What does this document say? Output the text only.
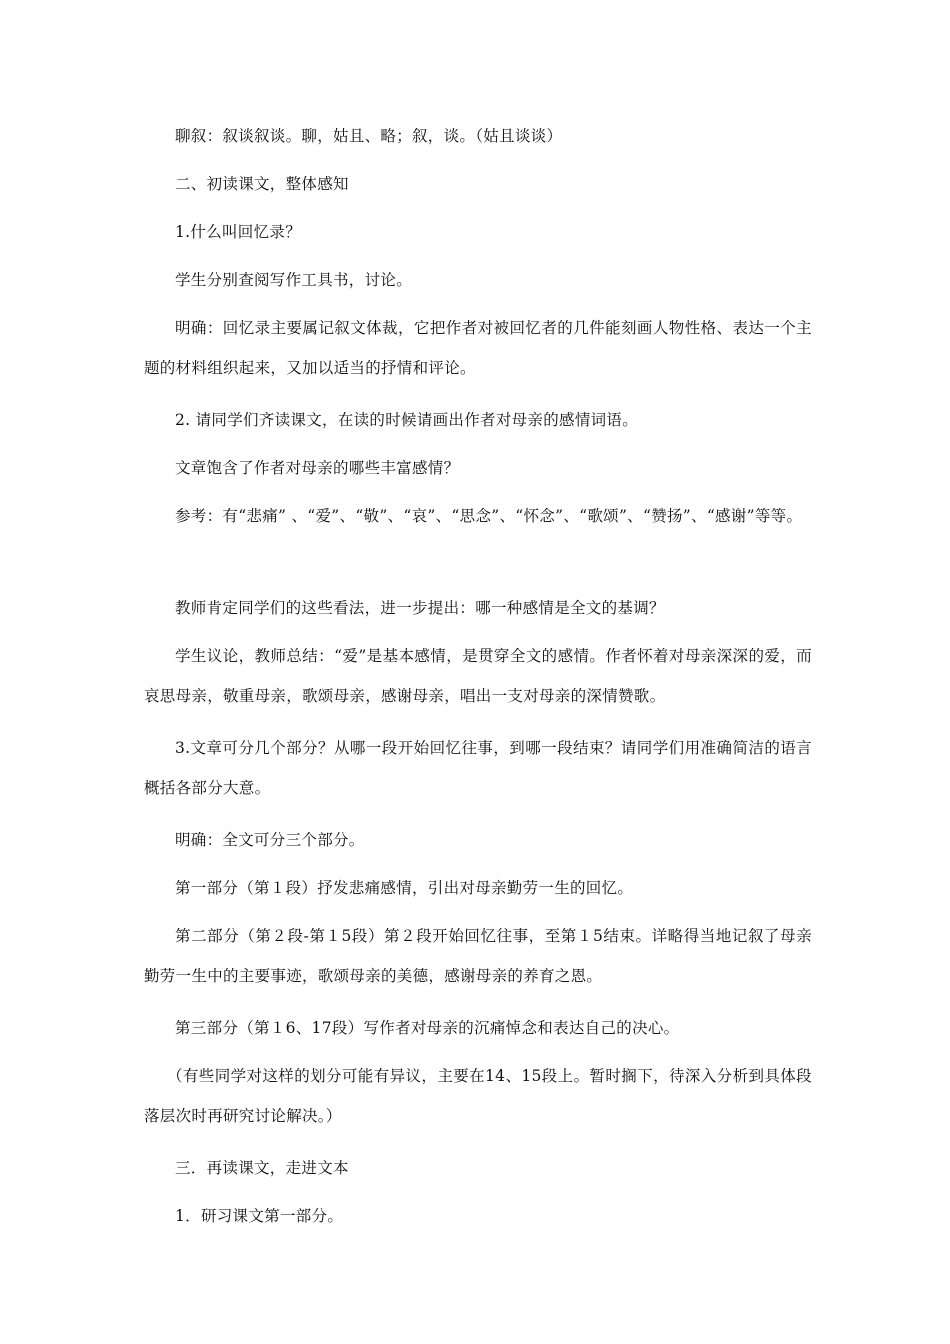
聊叙：叙谈叙谈。聊，姑且、略；叙，谈。（姑且谈谈）

二、初读课文，整体感知

1.什么叫回忆录？

学生分别查阅写作工具书，讨论。

明确：回忆录主要属记叙文体裁，它把作者对被回忆者的几件能刻画人物性格、表达一个主题的材料组织起来，又加以适当的抒情和评论。

2. 请同学们齐读课文，在读的时候请画出作者对母亲的感情词语。

文章饱含了作者对母亲的哪些丰富感情？

参考：有“悲痛” 、“爱”、“敬”、“哀”、“思念”、“怀念”、“歌颂”、“赞扬”、“感谢”等等。

教师肯定同学们的这些看法，进一步提出：哪一种感情是全文的基调？

学生议论，教师总结：“爱”是基本感情，是贯穿全文的感情。作者怀着对母亲深深的爱，而哀思母亲，敬重母亲，歌颂母亲，感谢母亲，唱出一支对母亲的深情赞歌。

3.文章可分几个部分？从哪一段开始回忆往事，到哪一段结束？请同学们用准确简洁的语言概括各部分大意。

明确：全文可分三个部分。

第一部分（第１段）抒发悲痛感情，引出对母亲勤劳一生的回忆。

第二部分（第２段-第１5段）第２段开始回忆往事，至第１5结束。详略得当地记叙了母亲勤劳一生中的主要事迹，歌颂母亲的美德，感谢母亲的养育之恩。

第三部分（第１6、17段）写作者对母亲的沉痛悼念和表达自己的决心。

（有些同学对这样的划分可能有异议，主要在14、15段上。暂时搁下，待深入分析到具体段落层次时再研究讨论解决。）

三．再读课文，走进文本

1．研习课文第一部分。
